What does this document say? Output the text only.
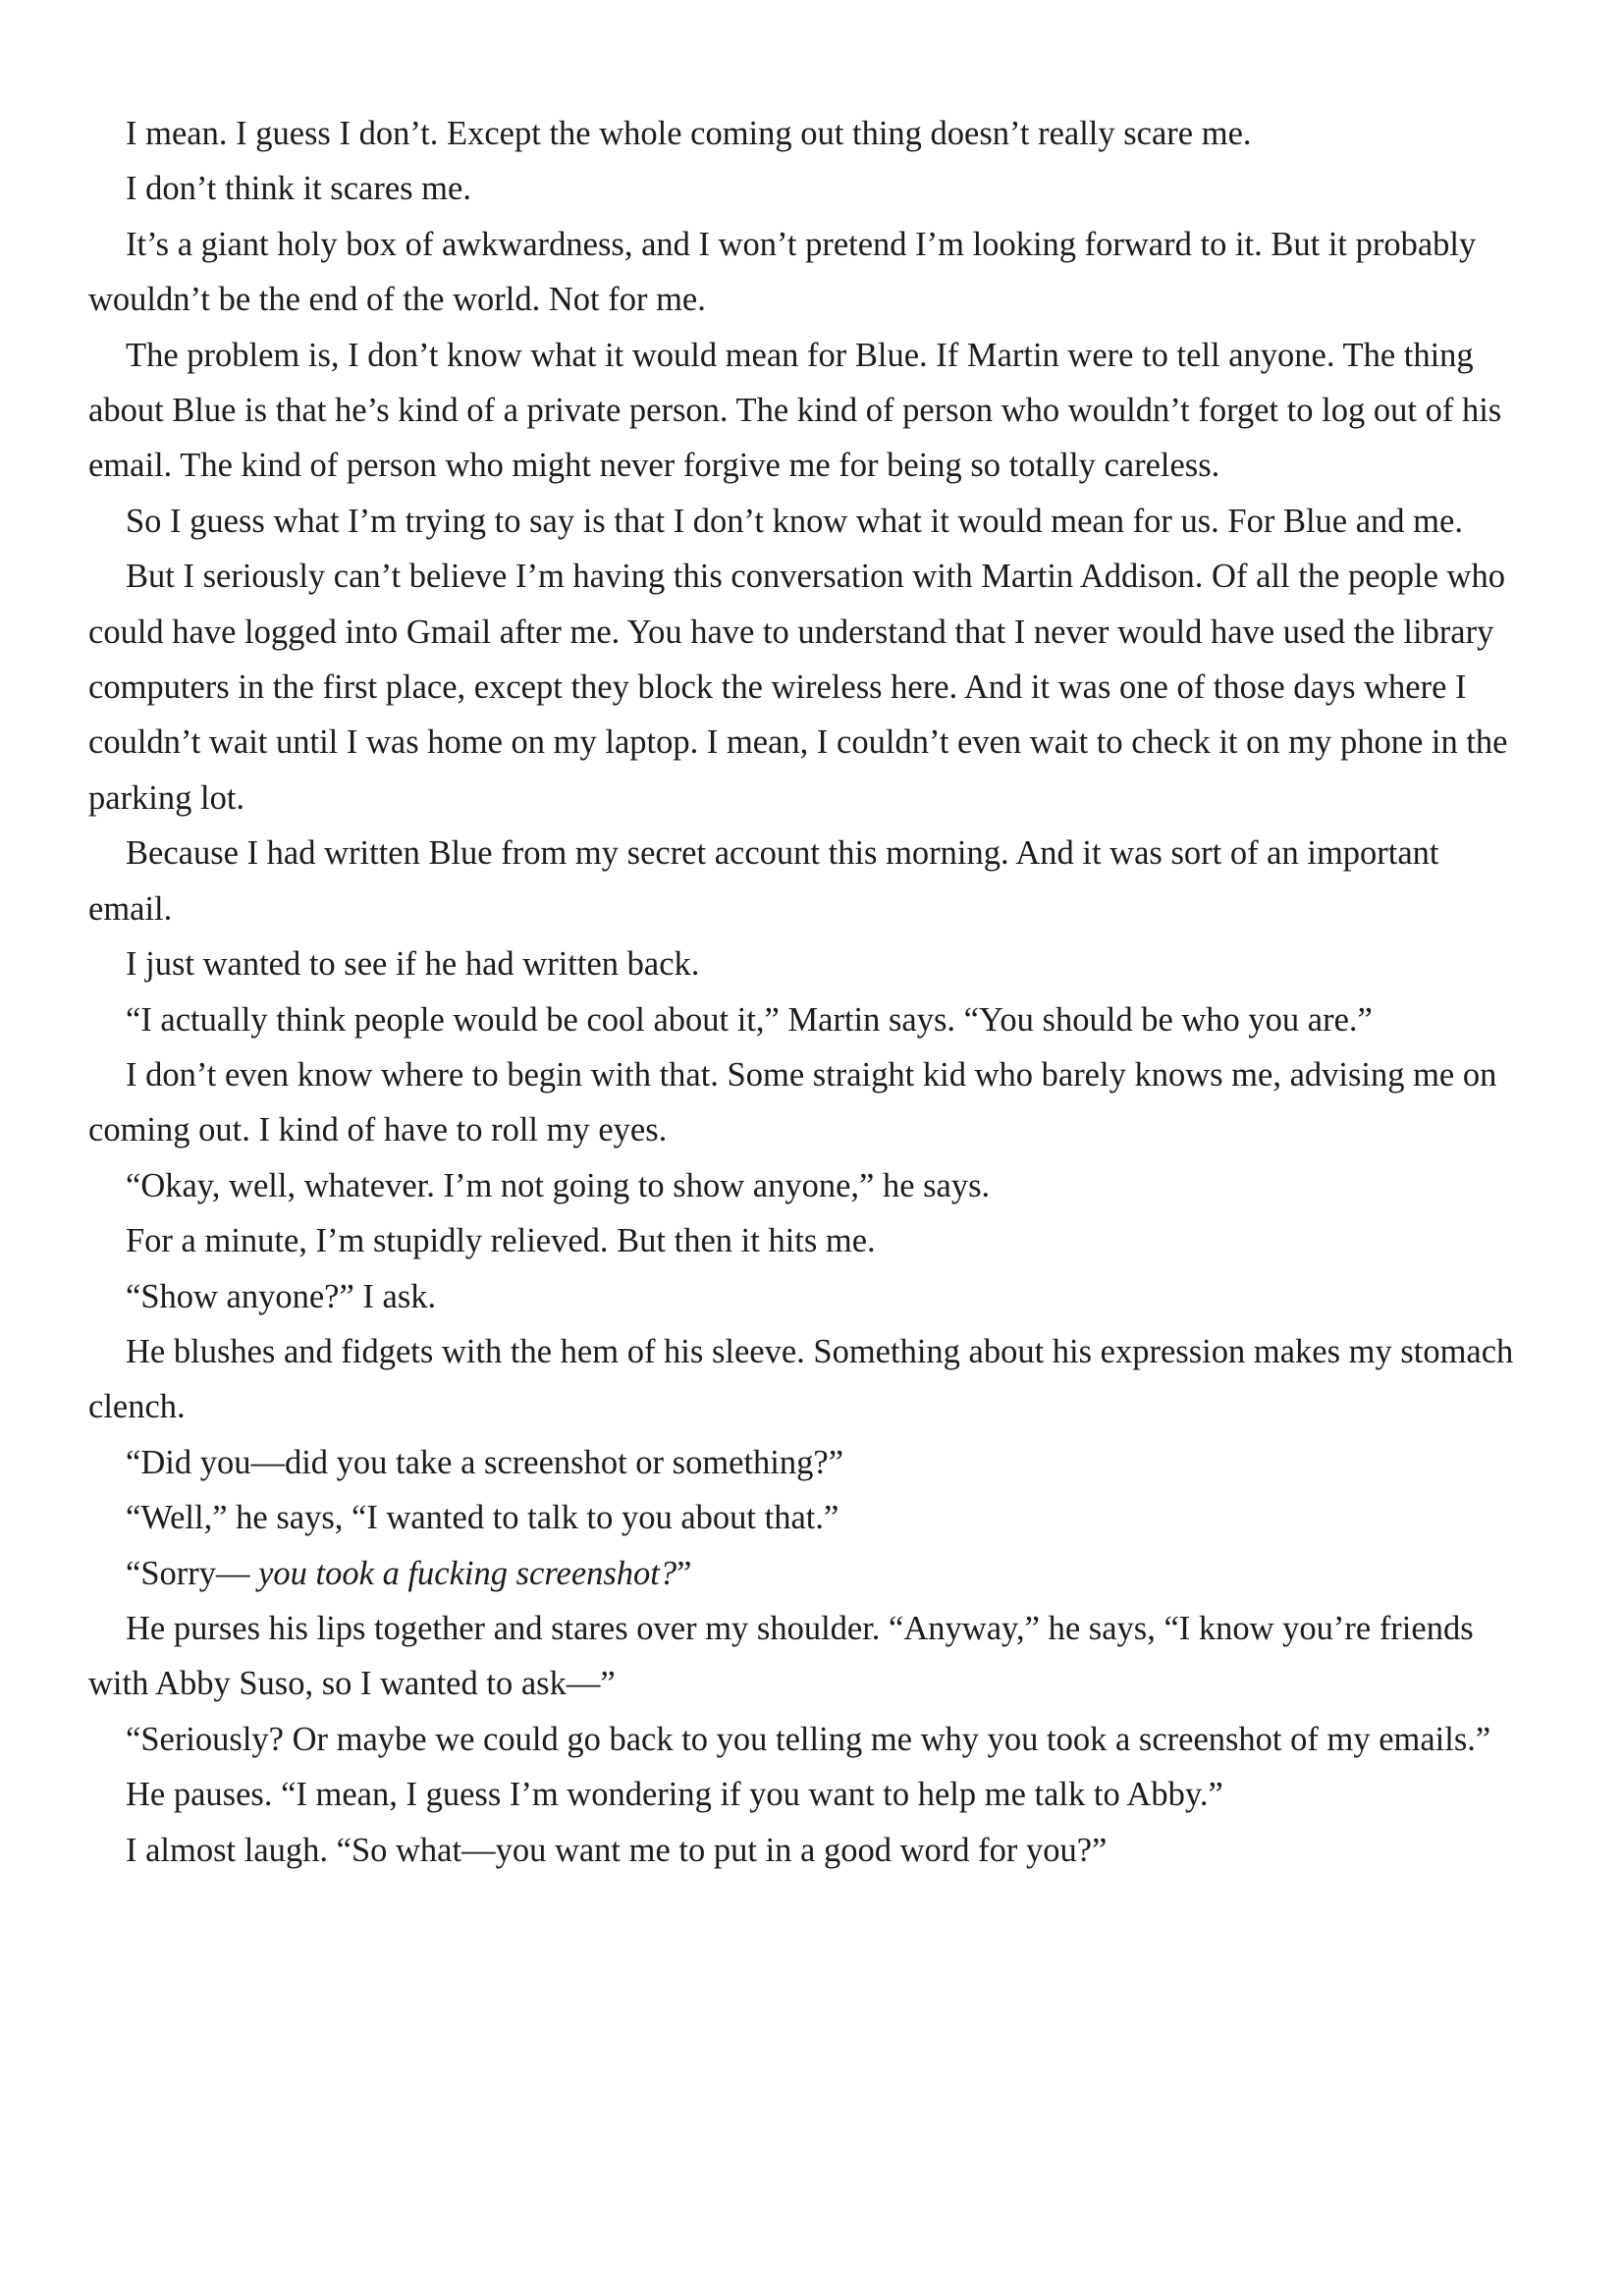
I mean. I guess I don’t. Except the whole coming out thing doesn’t really scare me.

I don’t think it scares me.

It’s a giant holy box of awkwardness, and I won’t pretend I’m looking forward to it. But it probably wouldn’t be the end of the world. Not for me.

The problem is, I don’t know what it would mean for Blue. If Martin were to tell anyone. The thing about Blue is that he’s kind of a private person. The kind of person who wouldn’t forget to log out of his email. The kind of person who might never forgive me for being so totally careless.

So I guess what I’m trying to say is that I don’t know what it would mean for us. For Blue and me.

But I seriously can’t believe I’m having this conversation with Martin Addison. Of all the people who could have logged into Gmail after me. You have to understand that I never would have used the library computers in the first place, except they block the wireless here. And it was one of those days where I couldn’t wait until I was home on my laptop. I mean, I couldn’t even wait to check it on my phone in the parking lot.

Because I had written Blue from my secret account this morning. And it was sort of an important email.

I just wanted to see if he had written back.

“I actually think people would be cool about it,” Martin says. “You should be who you are.”

I don’t even know where to begin with that. Some straight kid who barely knows me, advising me on coming out. I kind of have to roll my eyes.

“Okay, well, whatever. I’m not going to show anyone,” he says.

For a minute, I’m stupidly relieved. But then it hits me.

“Show anyone?” I ask.

He blushes and fidgets with the hem of his sleeve. Something about his expression makes my stomach clench.

“Did you—did you take a screenshot or something?”

“Well,” he says, “I wanted to talk to you about that.”

“Sorry— you took a fucking screenshot?”

He purses his lips together and stares over my shoulder. “Anyway,” he says, “I know you’re friends with Abby Suso, so I wanted to ask—”

“Seriously? Or maybe we could go back to you telling me why you took a screenshot of my emails.”

He pauses. “I mean, I guess I’m wondering if you want to help me talk to Abby.”

I almost laugh. “So what—you want me to put in a good word for you?”
